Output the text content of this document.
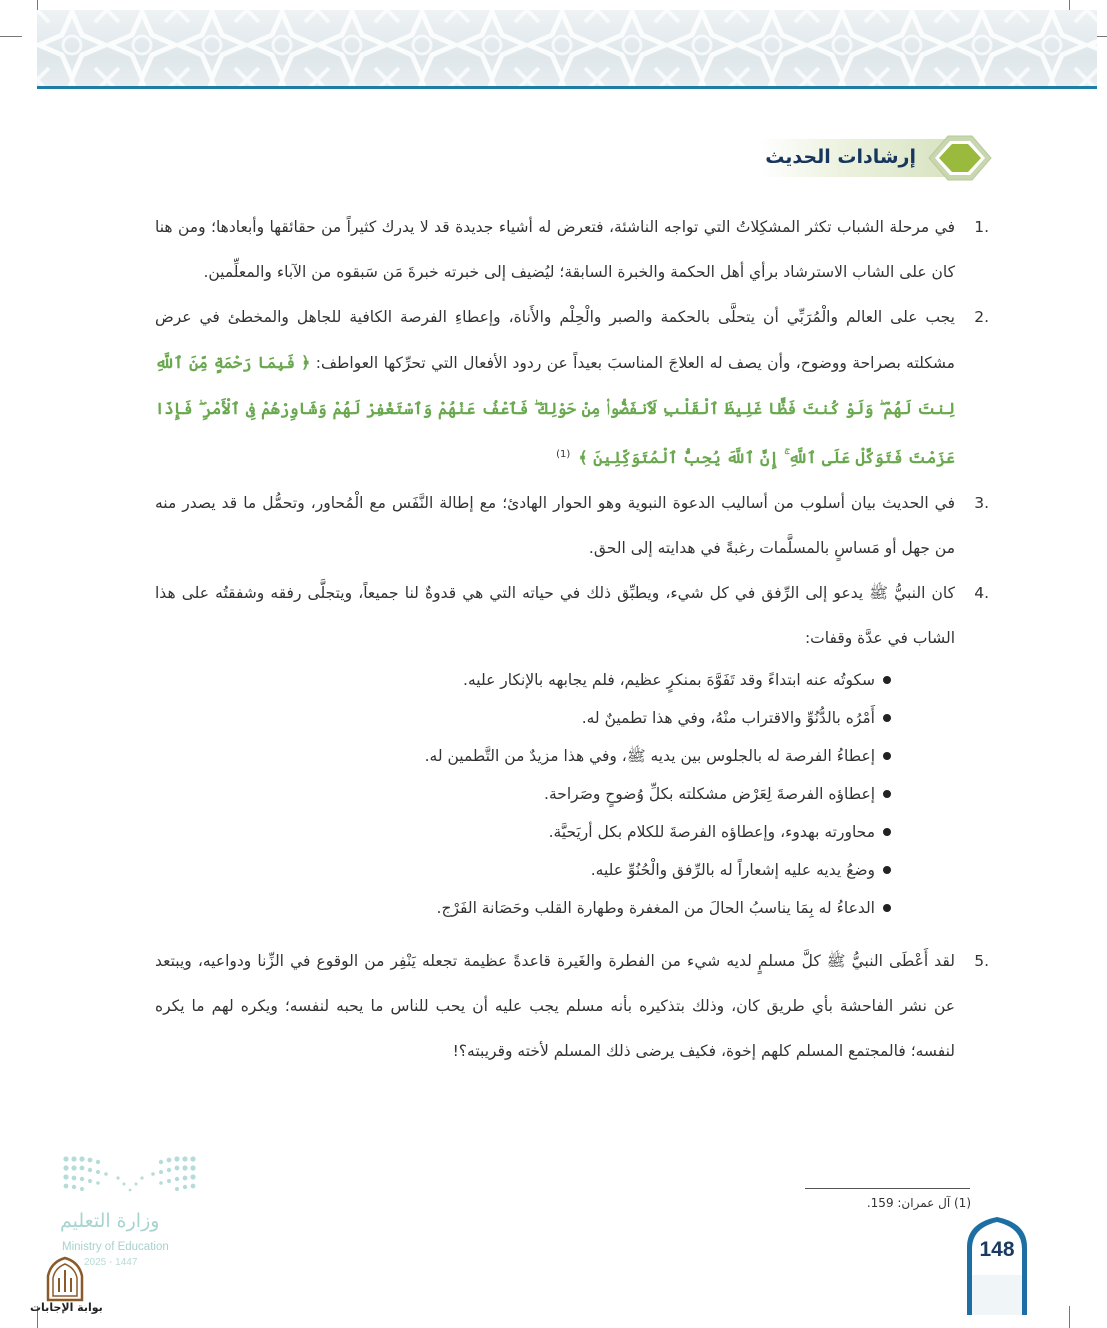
إرشادات الحديث
1.

في مرحلة الشباب تكثر المشكِلاتُ التي تواجه الناشئة، فتعرض له أشياء جديدة قد لا يدرك كثيراً من حقائقها وأبعادها؛ ومن هنا كان على الشاب الاسترشاد برأي أهل الحكمة والخبرة السابقة؛ ليُضيف إلى خبرته خبرةَ مَن سَبقوه من الآباء والمعلِّمين.

2.

يجب على العالم والْمُرَبِّي أن يتحلَّى بالحكمة والصبر والْحِلْم والأَناة، وإعطاءِ الفرصة الكافية للجاهل والمخطئ في عرض مشكلته بصراحة ووضوح، وأن يصف له العلاجَ المناسبَ بعيداً عن ردود الأفعال التي تحرِّكها العواطف: ﴿ فَبِمَا رَحْمَةٍ مِّنَ ٱللَّهِ لِنتَ لَهُمْ ۖ وَلَوْ كُنتَ فَظًّا غَلِيظَ ٱلْقَلْبِ لَٱنفَضُّوا۟ مِنْ حَوْلِكَ ۖ فَٱعْفُ عَنْهُمْ وَٱسْتَغْفِرْ لَهُمْ وَشَاوِرْهُمْ فِى ٱلْأَمْرِ ۖ فَإِذَا عَزَمْتَ فَتَوَكَّلْ عَلَى ٱللَّهِ ۚ إِنَّ ٱللَّهَ يُحِبُّ ٱلْمُتَوَكِّلِينَ ﴾$^{(1)}$

3.

في الحديث بيان أسلوب من أساليب الدعوة النبوية وهو الحوار الهادئ؛ مع إطالة النَّفَس مع الْمُحاور، وتحمُّل ما قد يصدر منه من جهل أو مَساسٍ بالمسلَّمات رغبةً في هدايته إلى الحق.

4.

كان النبيُّ ﷺ يدعو إلى الرِّفق في كل شيء، ويطبِّق ذلك في حياته التي هي قدوةٌ لنا جميعاً، ويتجلَّى رفقه وشفقتُه على هذا الشاب في عدَّة وقفات:

سكوتُه عنه ابتداءً وقد تَفَوَّهَ بمنكرٍ عظيم، فلم يجابهه بالإنكار عليه.
أَمْرُه بالدُّنُوِّ والاقتراب منْهُ، وفي هذا تطمينٌ له.
إعطاءُ الفرصة له بالجلوس بين يديه ﷺ، وفي هذا مزيدٌ من التَّطمين له.
إعطاؤه الفرصةَ لِعَرْض مشكلته بكلِّ وُضوحٍ وصَراحة.
محاورته بهدوء، وإعطاؤه الفرصةَ للكلام بكل أريَحيَّة.
وضعُ يديه عليه إشعاراً له بالرِّفق والْحُنُوِّ عليه.
الدعاءُ له بِمَا يناسبُ الحالَ من المغفرة وطهارة القلب وحَصَانة الفَرْج.
5.

لقد أَعْطَى النبيُّ ﷺ كلَّ مسلمٍ لديه شيء من الفطرة والغَيرة قاعدةً عظيمة تجعله يَنْفِر من الوقوع في الزِّنا ودواعيه، ويبتعد عن نشر الفاحشة بأي طريق كان، وذلك بتذكيره بأنه مسلم يجب عليه أن يحب للناس ما يحبه لنفسه؛ ويكره لهم ما يكره لنفسه؛ فالمجتمع المسلم كلهم إخوة، فكيف يرضى ذلك المسلم لأخته وقريبته؟!

(1) آل عمران: 159.
148
وزارة التعليم
Ministry of Education
2025 - 1447
بوابة الإجابات
